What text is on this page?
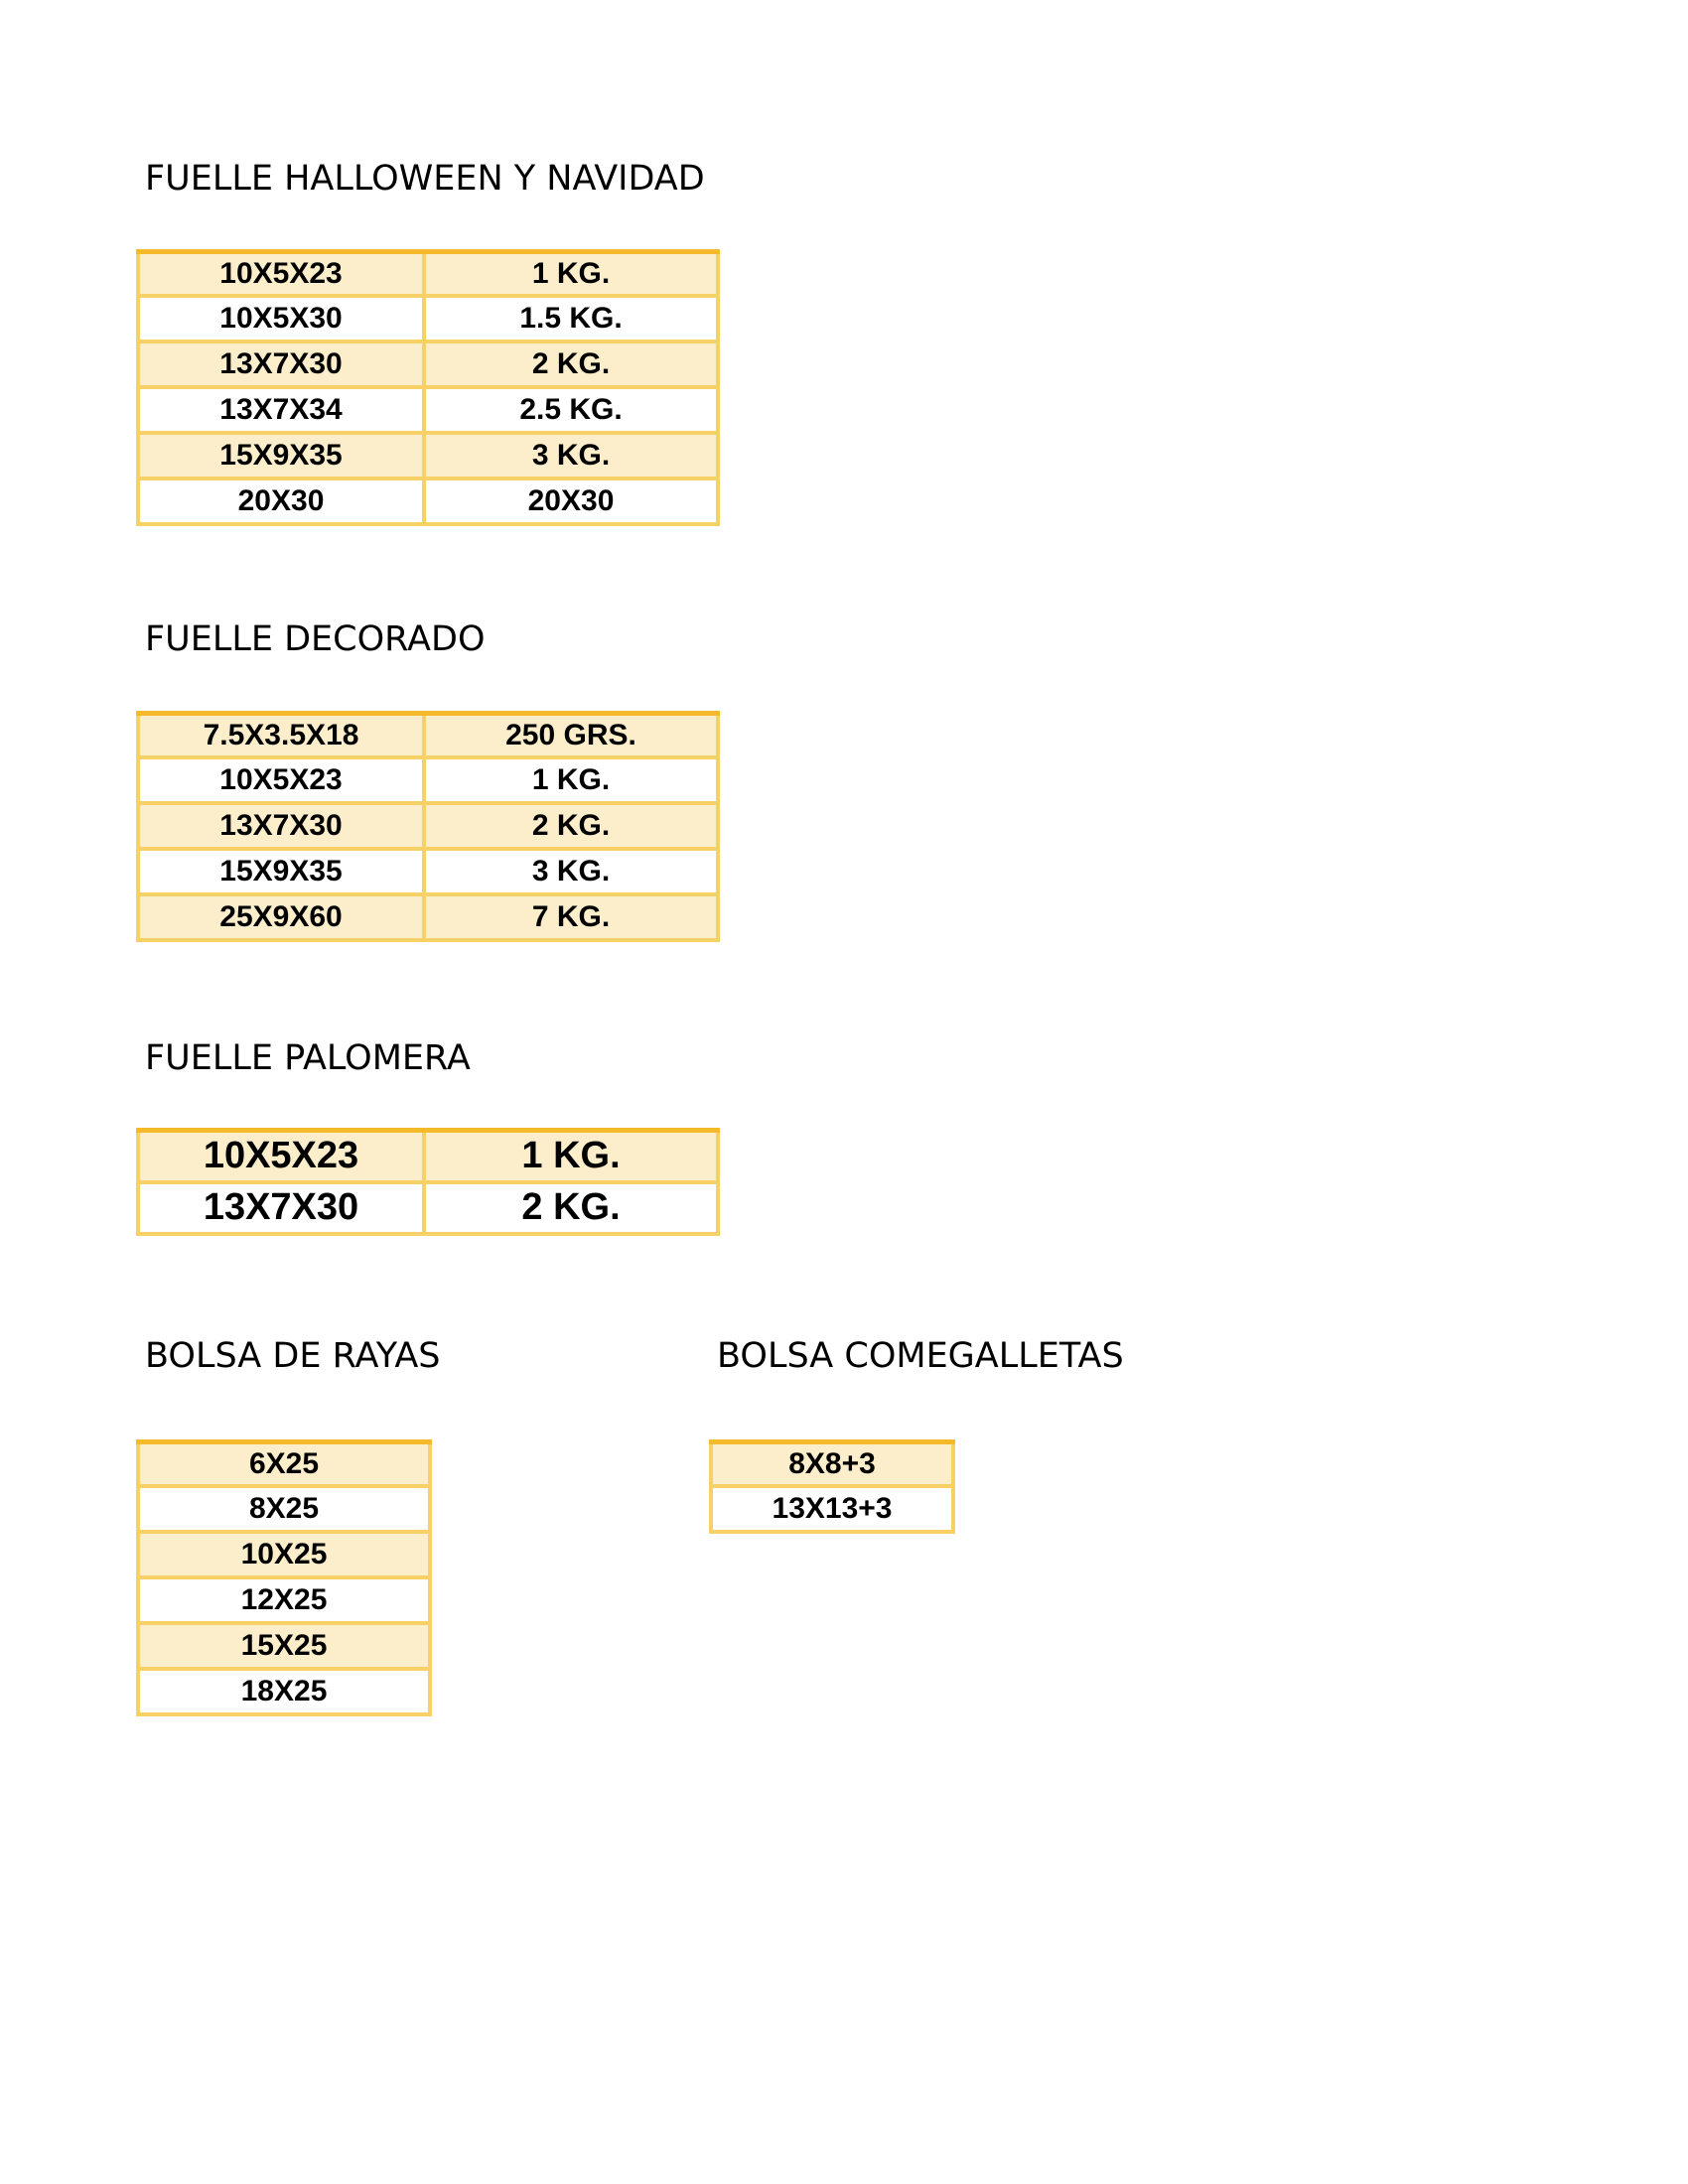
FUELLE HALLOWEEN Y NAVIDAD
10X5X23	1 KG.
10X5X30	1.5 KG.
13X7X30	2 KG.
13X7X34	2.5 KG.
15X9X35	3 KG.
20X30	20X30
FUELLE DECORADO
7.5X3.5X18	250 GRS.
10X5X23	1 KG.
13X7X30	2 KG.
15X9X35	3 KG.
25X9X60	7 KG.
FUELLE PALOMERA
10X5X23	1 KG.
13X7X30	2 KG.
BOLSA DE RAYAS
6X25
8X25
10X25
12X25
15X25
18X25
BOLSA COMEGALLETAS
8X8+3
13X13+3
